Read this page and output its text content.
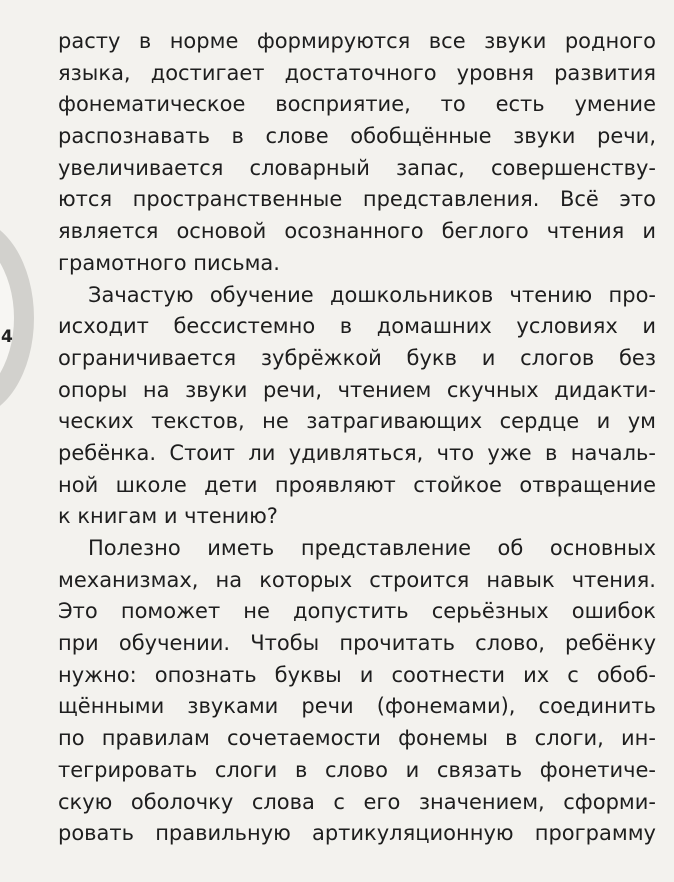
4
расту в норме формируются все звуки родного
языка, достигает достаточного уровня развития
фонематическое восприятие, то есть умение
распознавать в слове обобщённые звуки речи,
увеличивается словарный запас, совершенству-
ются пространственные представления. Всё это
является основой осознанного беглого чтения и
грамотного письма.
Зачастую обучение дошкольников чтению про-
исходит бессистемно в домашних условиях и
ограничивается зубрёжкой букв и слогов без
опоры на звуки речи, чтением скучных дидакти-
ческих текстов, не затрагивающих сердце и ум
ребёнка. Стоит ли удивляться, что уже в началь-
ной школе дети проявляют стойкое отвращение
к книгам и чтению?
Полезно иметь представление об основных
механизмах, на которых строится навык чтения.
Это поможет не допустить серьёзных ошибок
при обучении. Чтобы прочитать слово, ребёнку
нужно: опознать буквы и соотнести их с обоб-
щёнными звуками речи (фонемами), соединить
по правилам сочетаемости фонемы в слоги, ин-
тегрировать слоги в слово и связать фонетиче-
скую оболочку слова с его значением, сформи-
ровать правильную артикуляционную программу
